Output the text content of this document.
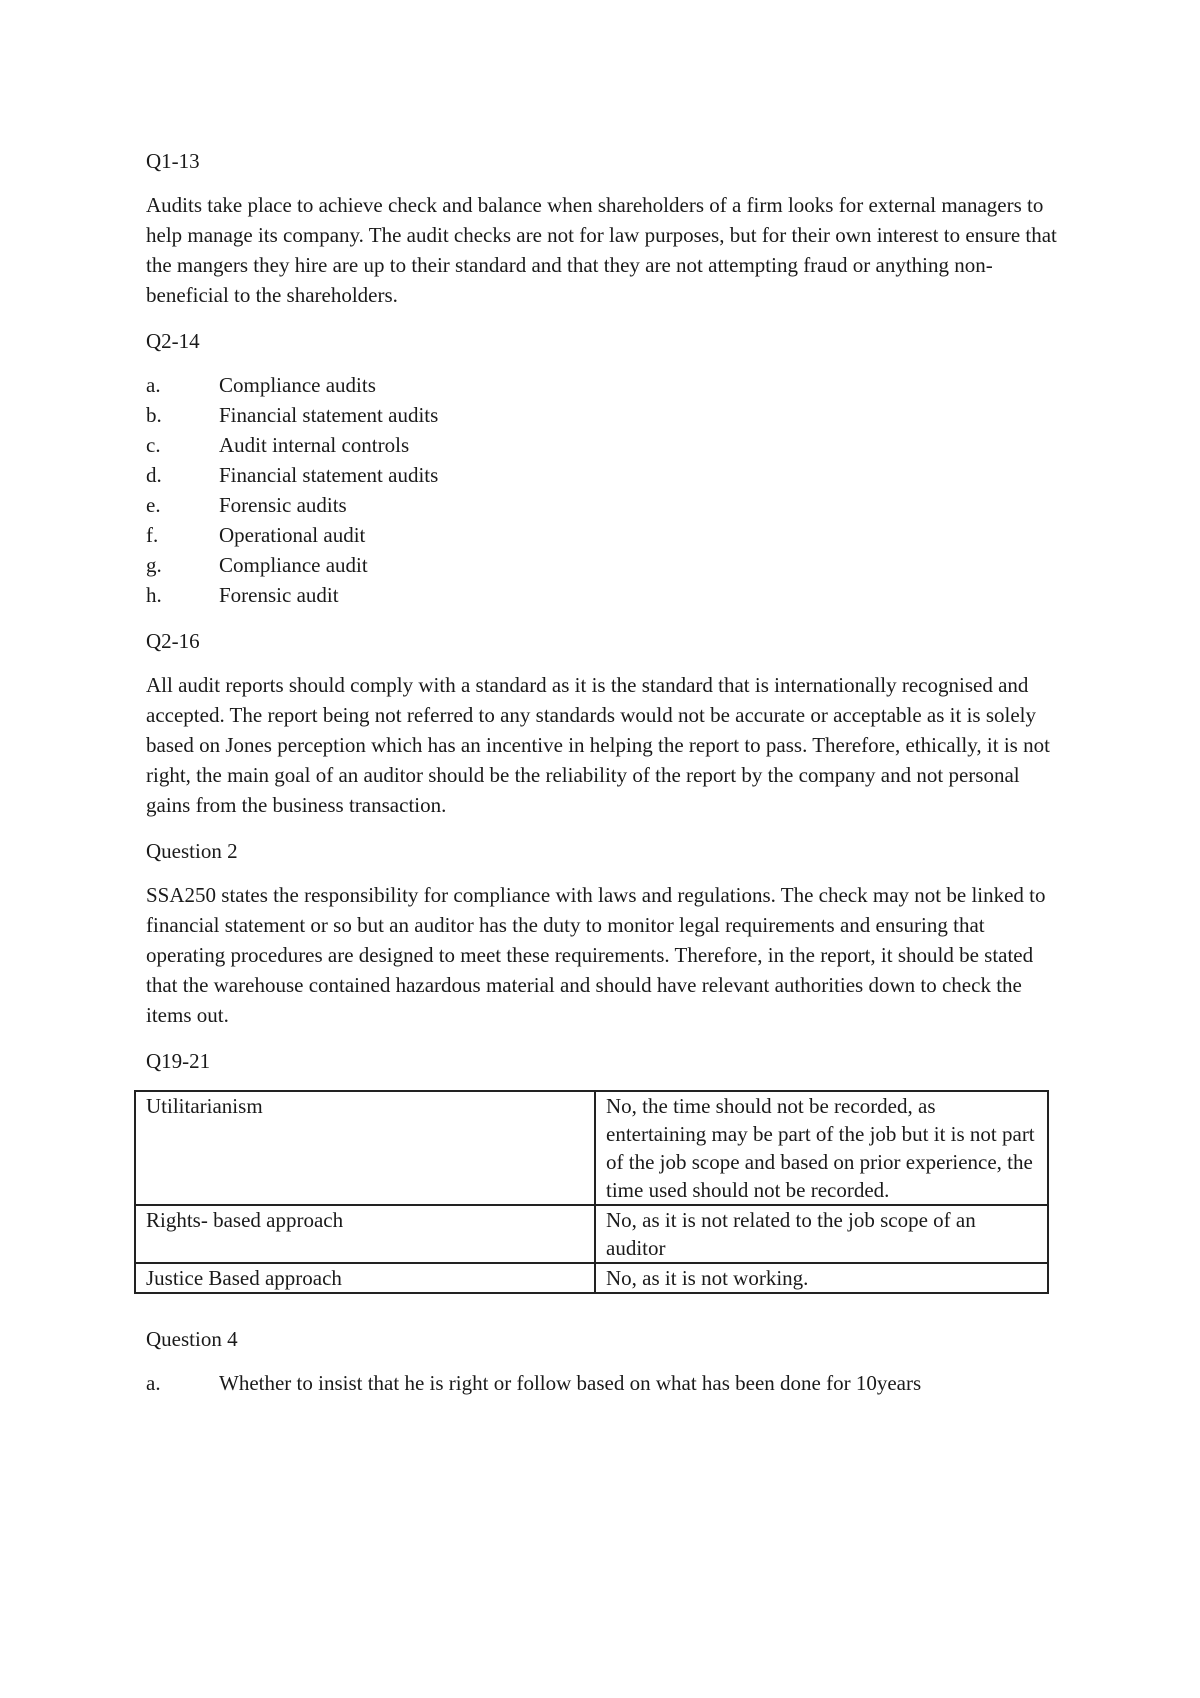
Q1-13

Audits take place to achieve check and balance when shareholders of a firm looks for external managers to help manage its company. The audit checks are not for law purposes, but for their own interest to ensure that the mangers they hire are up to their standard and that they are not attempting fraud or anything non-beneficial to the shareholders.

Q2-14

a.	Compliance audits
b.	Financial statement audits
c.	Audit internal controls
d.	Financial statement audits
e.	Forensic audits
f.	Operational audit
g.	Compliance audit
h.	Forensic audit

Q2-16

All audit reports should comply with a standard as it is the standard that is internationally recognised and accepted. The report being not referred to any standards would not be accurate or acceptable as it is solely based on Jones perception which has an incentive in helping the report to pass. Therefore, ethically, it is not right, the main goal of an auditor should be the reliability of the report by the company and not personal gains from the business transaction.

Question 2

SSA250 states the responsibility for compliance with laws and regulations. The check may not be linked to financial statement or so but an auditor has the duty to monitor legal requirements and ensuring that operating procedures are designed to meet these requirements. Therefore, in the report, it should be stated that the warehouse contained hazardous material and should have relevant authorities down to check the items out.

Q19-21

Utilitarianism	No, the time should not be recorded, as entertaining may be part of the job but it is not part of the job scope and based on prior experience, the time used should not be recorded.
Rights- based approach	No, as it is not related to the job scope of an auditor
Justice Based approach	No, as it is not working.

Question 4

a.	Whether to insist that he is right or follow based on what has been done for 10years
